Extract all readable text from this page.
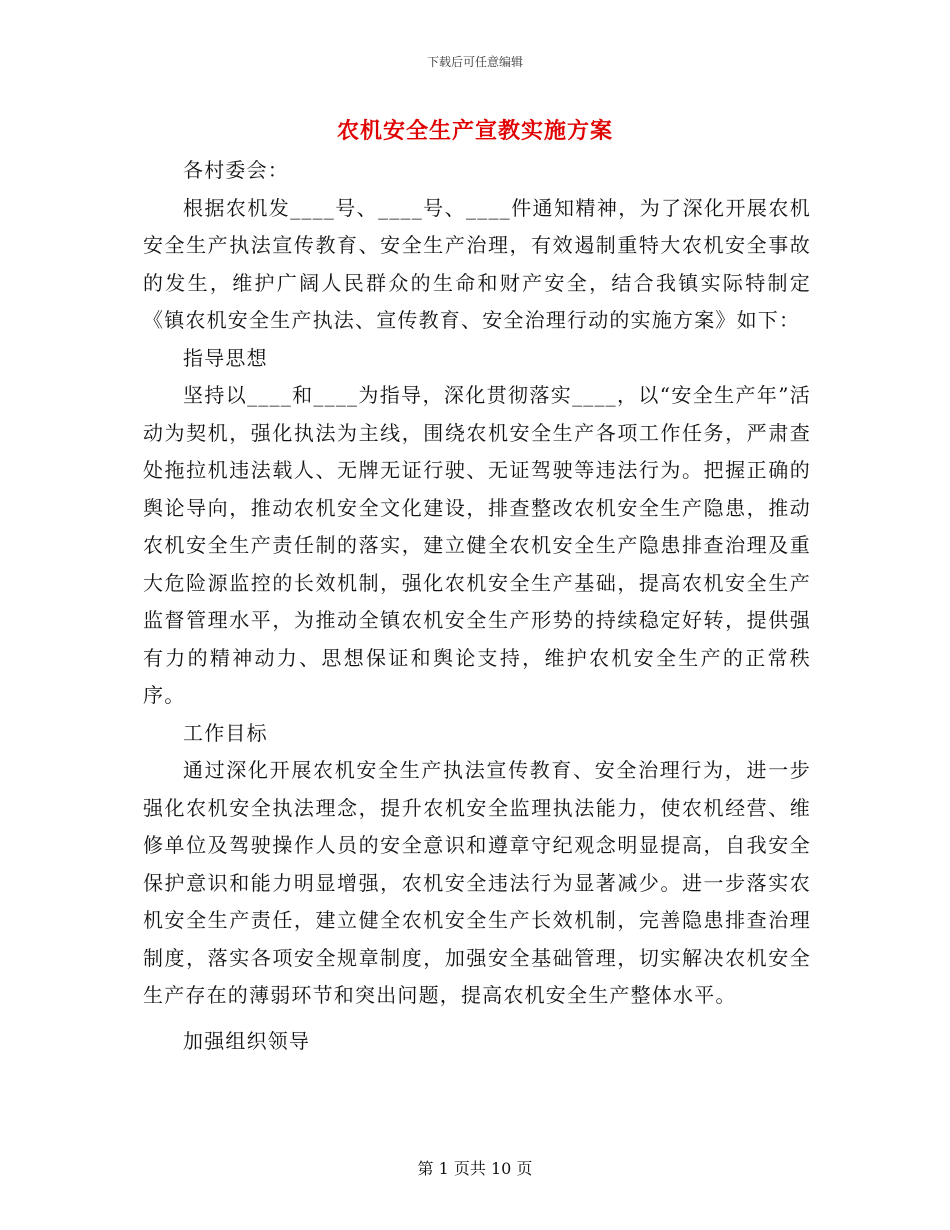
下载后可任意编辑
农机安全生产宣教实施方案

各村委会：

根据农机发____号、____号、____件通知精神，为了深化开展农机安全生产执法宣传教育、安全生产治理，有效遏制重特大农机安全事故的发生，维护广阔人民群众的生命和财产安全，结合我镇实际特制定《镇农机安全生产执法、宣传教育、安全治理行动的实施方案》如下：

指导思想

坚持以____和____为指导，深化贯彻落实____，以“安全生产年”活动为契机，强化执法为主线，围绕农机安全生产各项工作任务，严肃查处拖拉机违法载人、无牌无证行驶、无证驾驶等违法行为。把握正确的舆论导向，推动农机安全文化建设，排查整改农机安全生产隐患，推动农机安全生产责任制的落实，建立健全农机安全生产隐患排查治理及重大危险源监控的长效机制，强化农机安全生产基础，提高农机安全生产监督管理水平，为推动全镇农机安全生产形势的持续稳定好转，提供强有力的精神动力、思想保证和舆论支持，维护农机安全生产的正常秩序。

工作目标

通过深化开展农机安全生产执法宣传教育、安全治理行为，进一步强化农机安全执法理念，提升农机安全监理执法能力，使农机经营、维修单位及驾驶操作人员的安全意识和遵章守纪观念明显提高，自我安全保护意识和能力明显增强，农机安全违法行为显著减少。进一步落实农机安全生产责任，建立健全农机安全生产长效机制，完善隐患排查治理制度，落实各项安全规章制度，加强安全基础管理，切实解决农机安全生产存在的薄弱环节和突出问题，提高农机安全生产整体水平。

加强组织领导

第 1 页共 10 页
